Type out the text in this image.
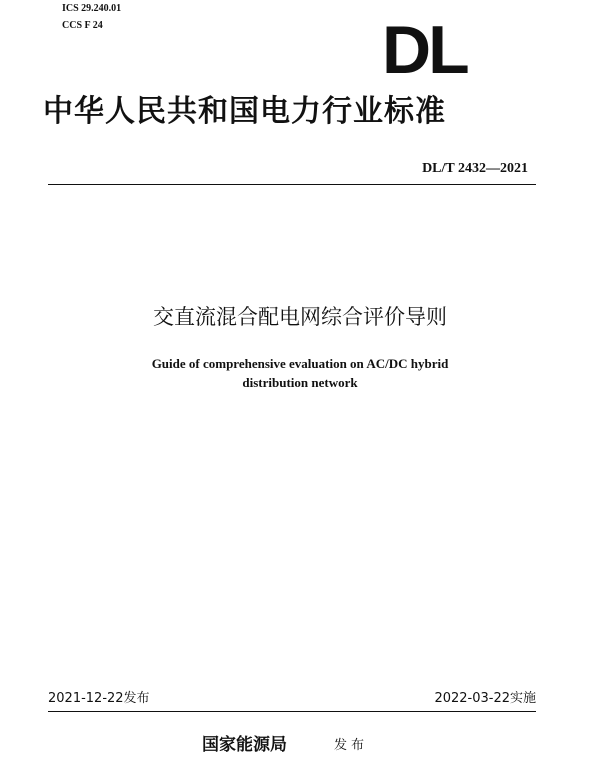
ICS 29.240.01
CCS F 24	DL
中华人民共和国电力行业标准
DL/T 2432—2021
交直流混合配电网综合评价导则
Guide of comprehensive evaluation on AC/DC hybrid
distribution network
2021-12-22发布	2022-03-22实施
国家能源局	发布
